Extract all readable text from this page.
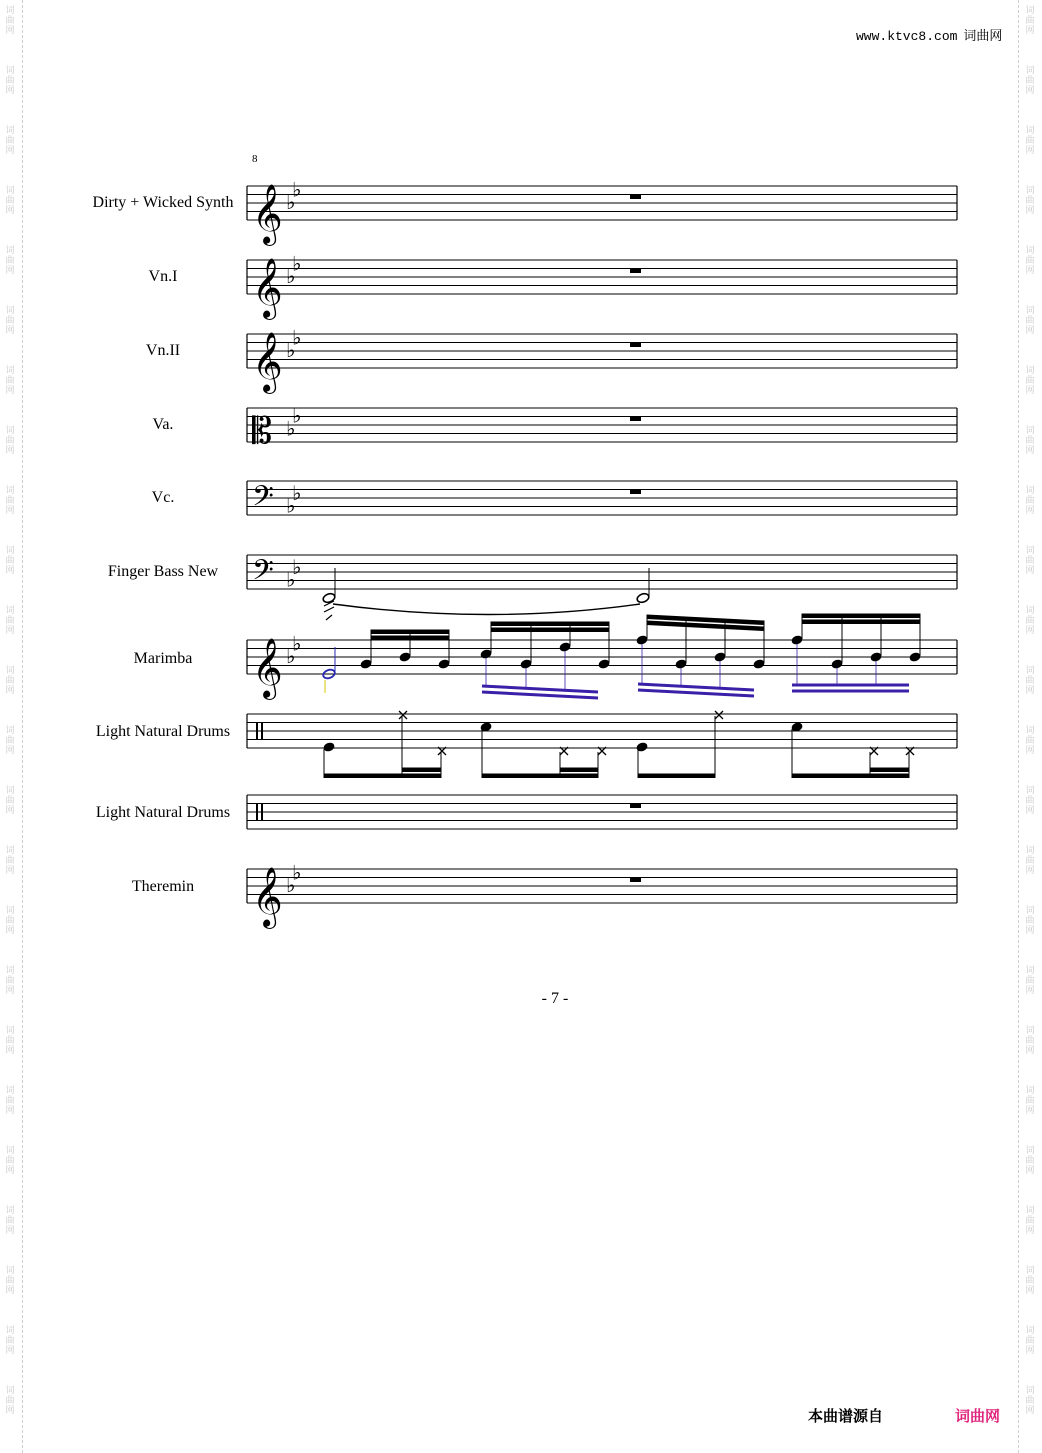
词
曲
网
词
曲
网
词
曲
网
词
曲
网
词
曲
网
词
曲
网
词
曲
网
词
曲
网
词
曲
网
词
曲
网
词
曲
网
词
曲
网
词
曲
网
词
曲
网
词
曲
网
词
曲
网
词
曲
网
词
曲
网
词
曲
网
词
曲
网
词
曲
网
词
曲
网
词
曲
网
词
曲
网
词
曲
网
词
曲
网
词
曲
网
词
曲
网
词
曲
网
词
曲
网
词
曲
网
词
曲
网
词
曲
网
词
曲
网
词
曲
网
词
曲
网
词
曲
网
词
曲
网
词
曲
网
词
曲
网
词
曲
网
词
曲
网
词
曲
网
词
曲
网
词
曲
网
词
曲
网
词
曲
网
词
曲
网
www.ktvc8.com 词曲网
8
Dirty + Wicked Synth
Vn.I
Vn.II
Va.
Vc.
Finger Bass New
Marimba
Light Natural Drums
Light Natural Drums
Theremin
𝄞 ♭
♭
𝄞 ♭
♭
𝄞 ♭
♭
𝄡 ♭
♭
𝄢 ♭
♭
𝄢 ♭
♭
𝄞 ♭
♭
𝄞 ♭
♭
- 7 -
本曲谱源自	词曲网
